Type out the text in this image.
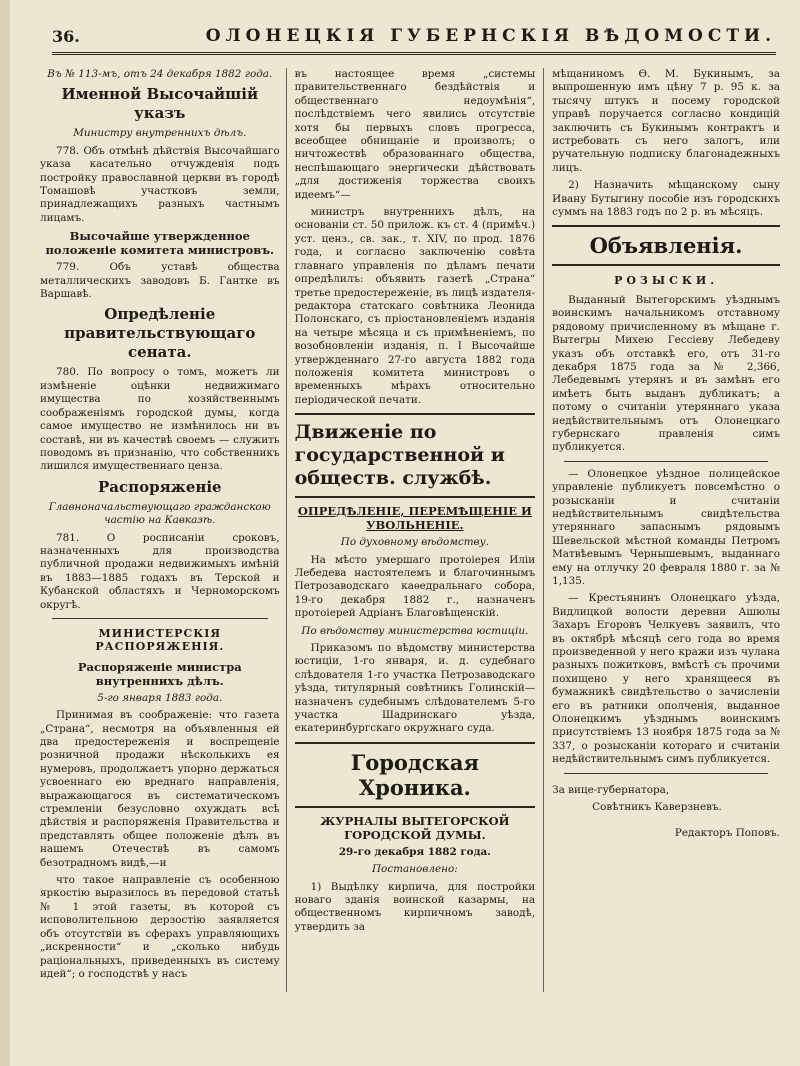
36.	ОЛОНЕЦКІЯ ГУБЕРНСКІЯ ВѢДОМОСТИ.

Въ № 113-мъ, отъ 24 декабря 1882 года.

Именной Высочайшій указъ

Министру внутреннихъ дѣлъ.

778. Объ отмѣнѣ дѣйствія Высочайшаго указа касательно отчужденія подъ постройку православной церкви въ городѣ Томашовѣ участковъ земли, принадлежащихъ разныхъ частнымъ лицамъ.

Высочайше утвержденное положеніе комитета министровъ.

779. Объ уставѣ общества металлическихъ заводовъ Б. Гантке въ Варшавѣ.

Опредѣленіе правительствующаго сената.

780. По вопросу о томъ, можетъ ли измѣненіе оцѣнки недвижимаго имущества по хозяйственнымъ соображеніямъ городской думы, когда самое имущество не измѣнилось ни въ составѣ, ни въ качествѣ своемъ — служить поводомъ въ признанію, что собственникъ лишился имущественнаго ценза.

Распоряженіе

Главноначальствующаго гражданскою частію на Кавказѣ.

781. О росписаніи сроковъ, назначенныхъ для производства публичной продажи недвижимыхъ имѣній въ 1883—1885 годахъ въ Терской и Кубанской областяхъ и Черноморскомъ округѣ.

МИНИСТЕРСКІЯ РАСПОРЯЖЕНІЯ.
Распоряженіе министра внутреннихъ дѣлъ.

5-го января 1883 года.

Принимая въ соображеніе: что газета „Страна“, несмотря на объявленныя ей два предостереженія и воспрещеніе розничной продажи нѣсколькихъ ея нумеровъ, продолжаетъ упорно держаться усвоеннаго ею вреднаго направленія, выражающагося въ систематическомъ стремленіи безусловно охуждать всѣ дѣйствія и распоряженія Правительства и представлять общее положеніе дѣлъ въ нашемъ Отечествѣ въ самомъ безотрадномъ видѣ,—и

что такое направленіе съ особенною яркостію выразилось въ передовой статьѣ № 1 этой газеты, въ которой съ исповолительною дерзостію заявляется объ отсутствіи въ сферахъ управляющихъ „искренности“ и „сколько нибудь раціональныхъ, приведенныхъ въ систему идей“; о господствѣ у насъ

въ настоящее время „системы правительственнаго бездѣйствія и общественнаго недоумѣнія“, послѣдствіемъ чего явились отсутствіе хотя бы первыхъ словъ прогресса, всеобщее обнищаніе и произволъ; о ничтожествѣ образованнаго общества, неспѣшающаго энергически дѣйствовать „для достиженія торжества своихъ идеемъ“—

министръ внутреннихъ дѣлъ, на основаніи ст. 50 прилож. къ ст. 4 (примѣч.) уст. ценз., св. зак., т. XIV, по прод. 1876 года, и согласно заключенію совѣта главнаго управленія по дѣламъ печати опредѣлилъ: объявить газетѣ „Страна“ третье предостереженіе, въ лицѣ издателя-редактора статскаго совѣтника Леонида Полонскаго, съ пріостановленіемъ изданія на четыре мѣсяца и съ примѣненіемъ, по возобновленіи изданія, п. I Высочайше утвержденнаго 27-го августа 1882 года положенія комитета министровъ о временныхъ мѣрахъ относительно періодической печати.

Движеніе по государственной и обществ. службѣ.
ОПРЕДѢЛЕНІЕ, ПЕРЕМѢЩЕНІЕ И УВОЛЬНЕНІЕ.

По духовному вѣдомству.

На мѣсто умершаго протоіерея Иліи Лебедева настоятелемъ и благочиннымъ Петрозаводскаго каѳедральнаго собора, 19-го декабря 1882 г., назначенъ протоіерей Адріанъ Благовѣщенскій.

По вѣдомству министерства юстиціи.

Приказомъ по вѣдомству министерства юстиціи, 1-го января, и. д. судебнаго слѣдователя 1-го участка Петрозаводскаго уѣзда, титулярный совѣтникъ Голинскій—назначенъ судебнымъ слѣдователемъ 5-го участка Шадринскаго уѣзда, екатеринбургскаго окружнаго суда.

Городская Хроника.
ЖУРНАЛЫ ВЫТЕГОРСКОЙ ГОРОДСКОЙ ДУМЫ.

29-го декабря 1882 года.

Постановлено:

1) Выдѣлку кирпича, для постройки новаго зданія воинской казармы, на общественномъ кирпичномъ заводѣ, утвердить за

мѣщаниномъ Ѳ. М. Букинымъ, за выпрошенную имъ цѣну 7 р. 95 к. за тысячу штукъ и посему городской управѣ поручается согласно кондицій заключить съ Букинымъ контрактъ и истребовать съ него залогъ, или ручательную подписку благонадежныхъ лицъ.

2) Назначить мѣщанскому сыну Ивану Бутыгину пособіе изъ городскихъ суммъ на 1883 годъ по 2 р. въ мѣсяцъ.

Объявленія.
РОЗЫСКИ.

Выданный Вытегорскимъ уѣзднымъ воинскимъ начальникомъ отставному рядовому причисленному въ мѣщане г. Вытегры Михею Гессіеву Лебедеву указъ объ отставкѣ его, отъ 31-го декабря 1875 года за № 2,366, Лебедевымъ утерянъ и въ замѣнъ его имѣетъ быть выданъ дубликатъ; а потому о считаніи утеряннаго указа недѣйствительнымъ отъ Олонецкаго губернскаго правленія симъ публикуется.

— Олонецкое уѣздное полицейское управленіе публикуетъ повсемѣстно о розысканіи и считаніи недѣйствительнымъ свидѣтельства утеряннаго запаснымъ рядовымъ Шевельской мѣстной команды Петромъ Матвѣевымъ Чернышевымъ, выданнаго ему на отлучку 20 февраля 1880 г. за № 1,135.

— Крестьянинъ Олонецкаго уѣзда, Видлицкой волости деревни Ашюлы Захаръ Егоровъ Челкуевъ заявилъ, что въ октябрѣ мѣсяцѣ сего года во время произведенной у него кражи изъ чулана разныхъ пожитковъ, вмѣстѣ съ прочими похищено у него хранящееся въ бумажникѣ свидѣтельство о зачисленіи его въ ратники ополченія, выданное Олонецкимъ уѣзднымъ воинскимъ присутствіемъ 13 ноября 1875 года за № 337, о розысканіи котораго и считаніи недѣйствительнымъ симъ публикуется.

За вице-губернатора,

Совѣтникъ Каверзневъ.

Редакторъ Поповъ.
